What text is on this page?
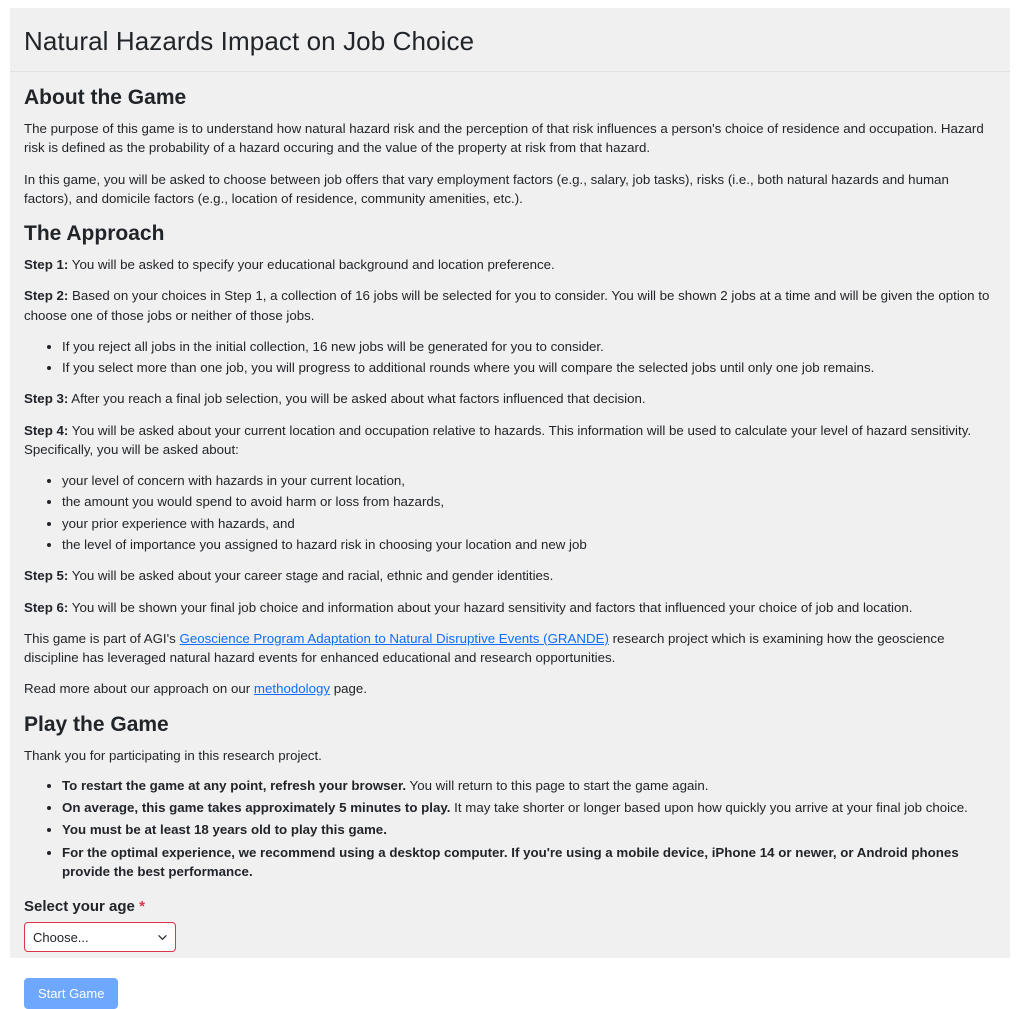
Natural Hazards Impact on Job Choice
About the Game

The purpose of this game is to understand how natural hazard risk and the perception of that risk influences a person's choice of residence and occupation. Hazard risk is defined as the probability of a hazard occuring and the value of the property at risk from that hazard.

In this game, you will be asked to choose between job offers that vary employment factors (e.g., salary, job tasks), risks (i.e., both natural hazards and human factors), and domicile factors (e.g., location of residence, community amenities, etc.).

The Approach

Step 1: You will be asked to specify your educational background and location preference.

Step 2: Based on your choices in Step 1, a collection of 16 jobs will be selected for you to consider. You will be shown 2 jobs at a time and will be given the option to choose one of those jobs or neither of those jobs.

• If you reject all jobs in the initial collection, 16 new jobs will be generated for you to consider.
• If you select more than one job, you will progress to additional rounds where you will compare the selected jobs until only one job remains.

Step 3: After you reach a final job selection, you will be asked about what factors influenced that decision.

Step 4: You will be asked about your current location and occupation relative to hazards. This information will be used to calculate your level of hazard sensitivity. Specifically, you will be asked about:

• your level of concern with hazards in your current location,
• the amount you would spend to avoid harm or loss from hazards,
• your prior experience with hazards, and
• the level of importance you assigned to hazard risk in choosing your location and new job

Step 5: You will be asked about your career stage and racial, ethnic and gender identities.

Step 6: You will be shown your final job choice and information about your hazard sensitivity and factors that influenced your choice of job and location.

This game is part of AGI's Geoscience Program Adaptation to Natural Disruptive Events (GRANDE) research project which is examining how the geoscience discipline has leveraged natural hazard events for enhanced educational and research opportunities.

Read more about our approach on our methodology page.

Play the Game

Thank you for participating in this research project.

• To restart the game at any point, refresh your browser. You will return to this page to start the game again.
• On average, this game takes approximately 5 minutes to play. It may take shorter or longer based upon how quickly you arrive at your final job choice.
• You must be at least 18 years old to play this game.
• For the optimal experience, we recommend using a desktop computer. If you're using a mobile device, iPhone 14 or newer, or Android phones provide the best performance.
Select your age *
Choose...
Start Game
